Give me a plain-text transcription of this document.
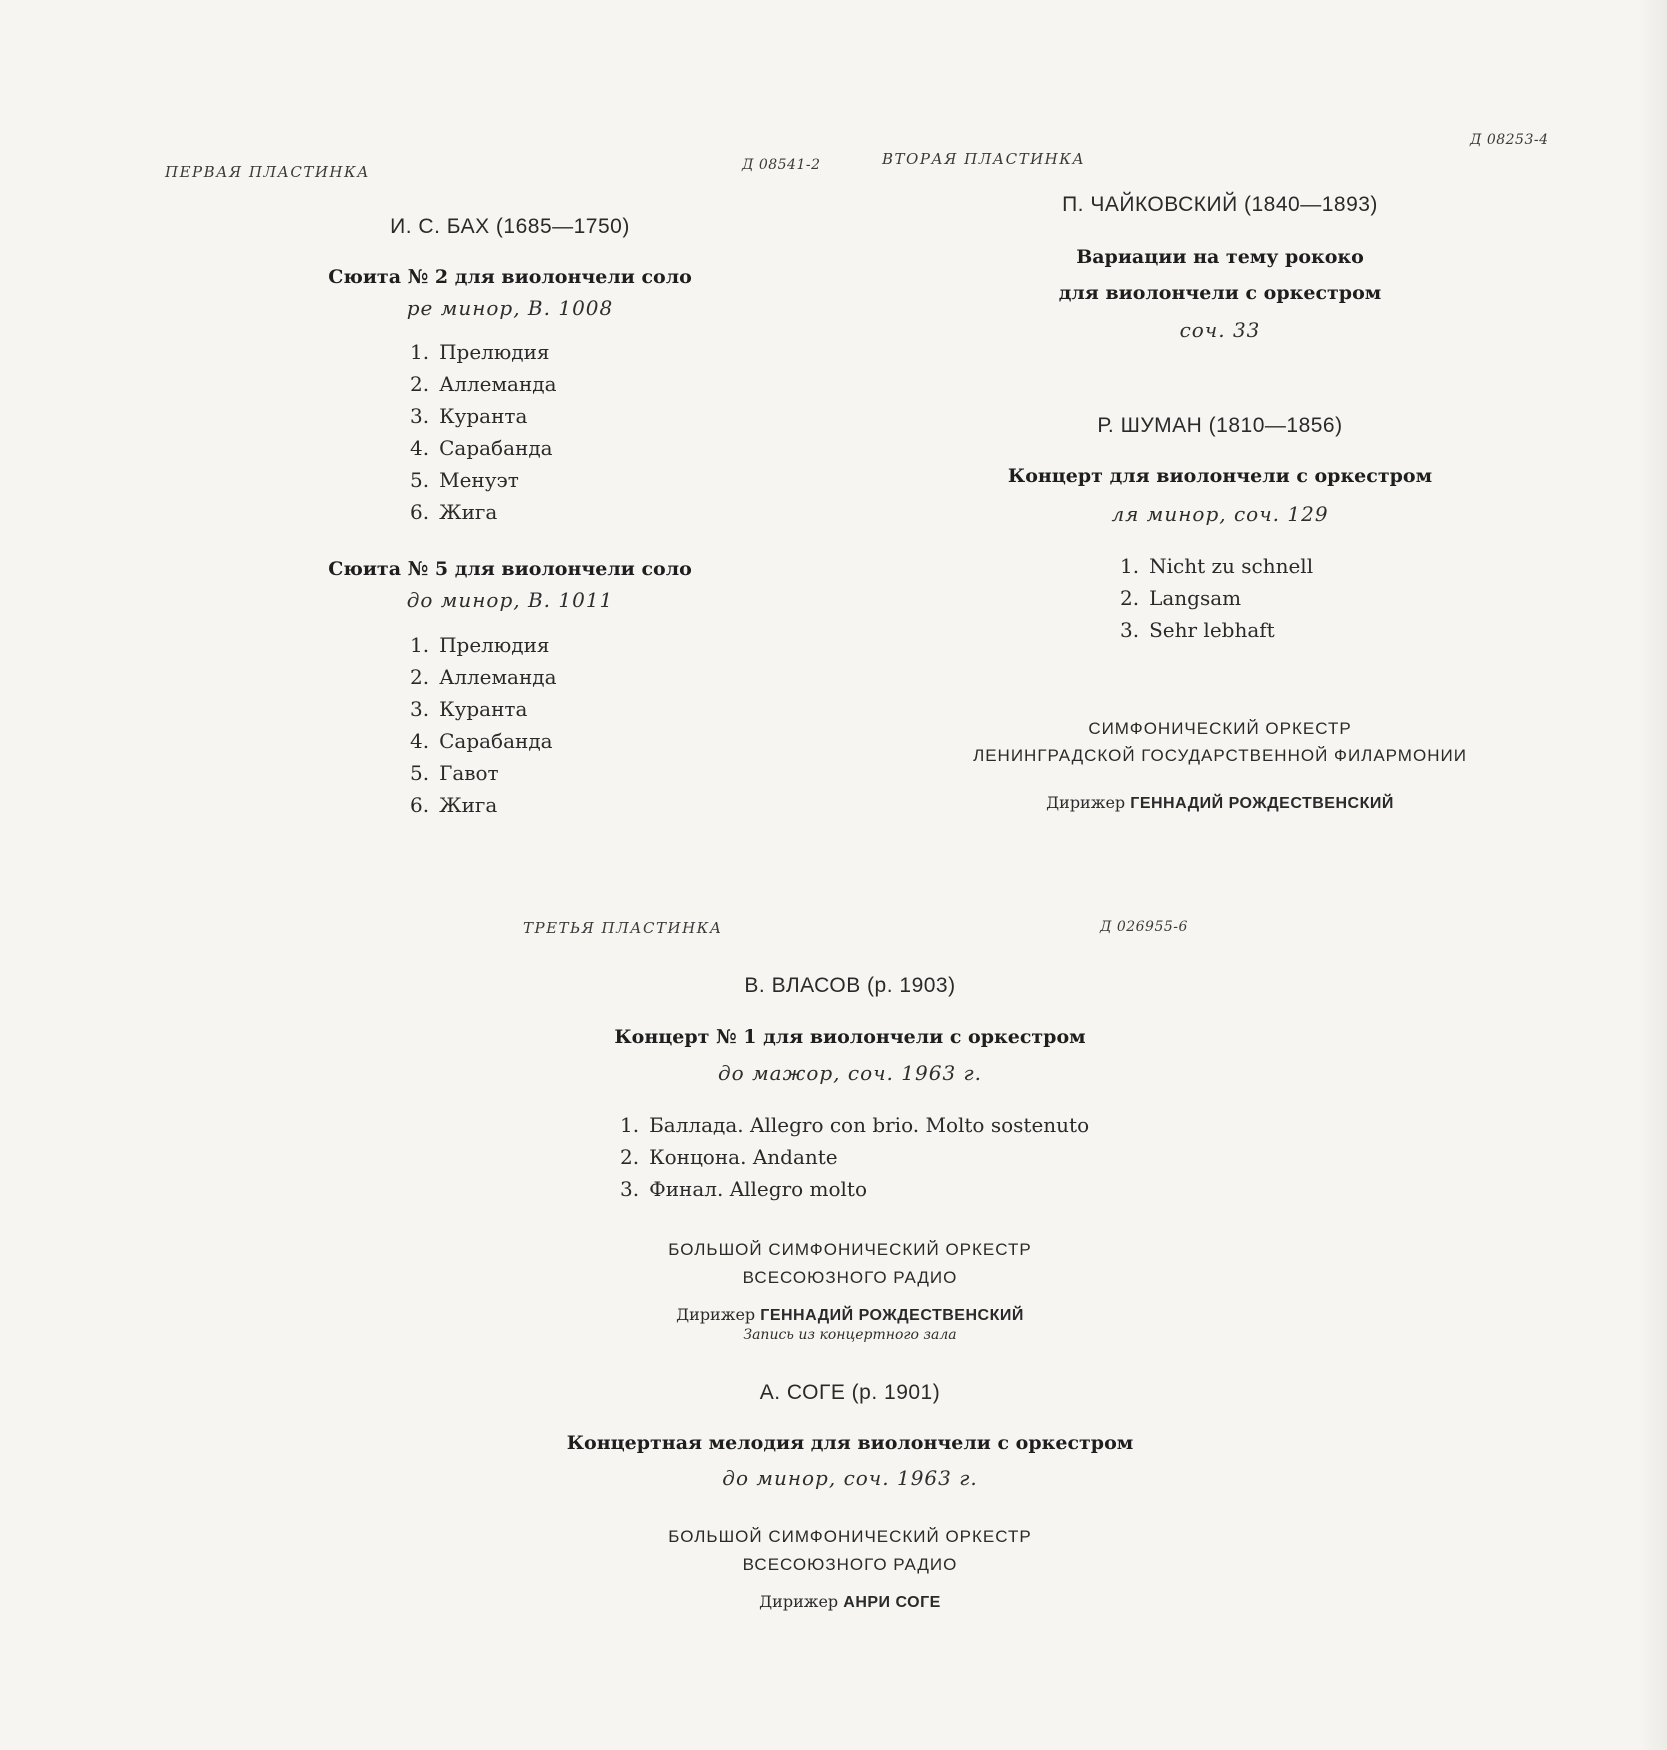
ПЕРВАЯ ПЛАСТИНКА	Д 08541-2
И. С. БАХ (1685—1750)
Сюита № 2 для виолончели соло
ре минор, B. 1008
1. Прелюдия
2. Аллеманда
3. Куранта
4. Сарабанда
5. Менуэт
6. Жига
Сюита № 5 для виолончели соло
до минор, B. 1011
1. Прелюдия
2. Аллеманда
3. Куранта
4. Сарабанда
5. Гавот
6. Жига
ВТОРАЯ ПЛАСТИНКА
Д 08253-4
П. ЧАЙКОВСКИЙ (1840—1893)
Вариации на тему рококо
для виолончели с оркестром
соч. 33
Р. ШУМАН (1810—1856)
Концерт для виолончели с оркестром
ля минор, соч. 129
1. Nicht zu schnell
2. Langsam
3. Sehr lebhaft
СИМФОНИЧЕСКИЙ ОРКЕСТР
ЛЕНИНГРАДСКОЙ ГОСУДАРСТВЕННОЙ ФИЛАРМОНИИ
Дирижер ГЕННАДИЙ РОЖДЕСТВЕНСКИЙ
ТРЕТЬЯ ПЛАСТИНКА	Д 026955-6
В. ВЛАСОВ (р. 1903)
Концерт № 1 для виолончели с оркестром
до мажор, соч. 1963 г.
1. Баллада. Allegro con brio. Molto sostenuto
2. Концона. Andante
3. Финал. Allegro molto
БОЛЬШОЙ СИМФОНИЧЕСКИЙ ОРКЕСТР
ВСЕСОЮЗНОГО РАДИО
Дирижер ГЕННАДИЙ РОЖДЕСТВЕНСКИЙ
Запись из концертного зала
А. СОГЕ (р. 1901)
Концертная мелодия для виолончели с оркестром
до минор, соч. 1963 г.
БОЛЬШОЙ СИМФОНИЧЕСКИЙ ОРКЕСТР
ВСЕСОЮЗНОГО РАДИО
Дирижер АНРИ СОГЕ
